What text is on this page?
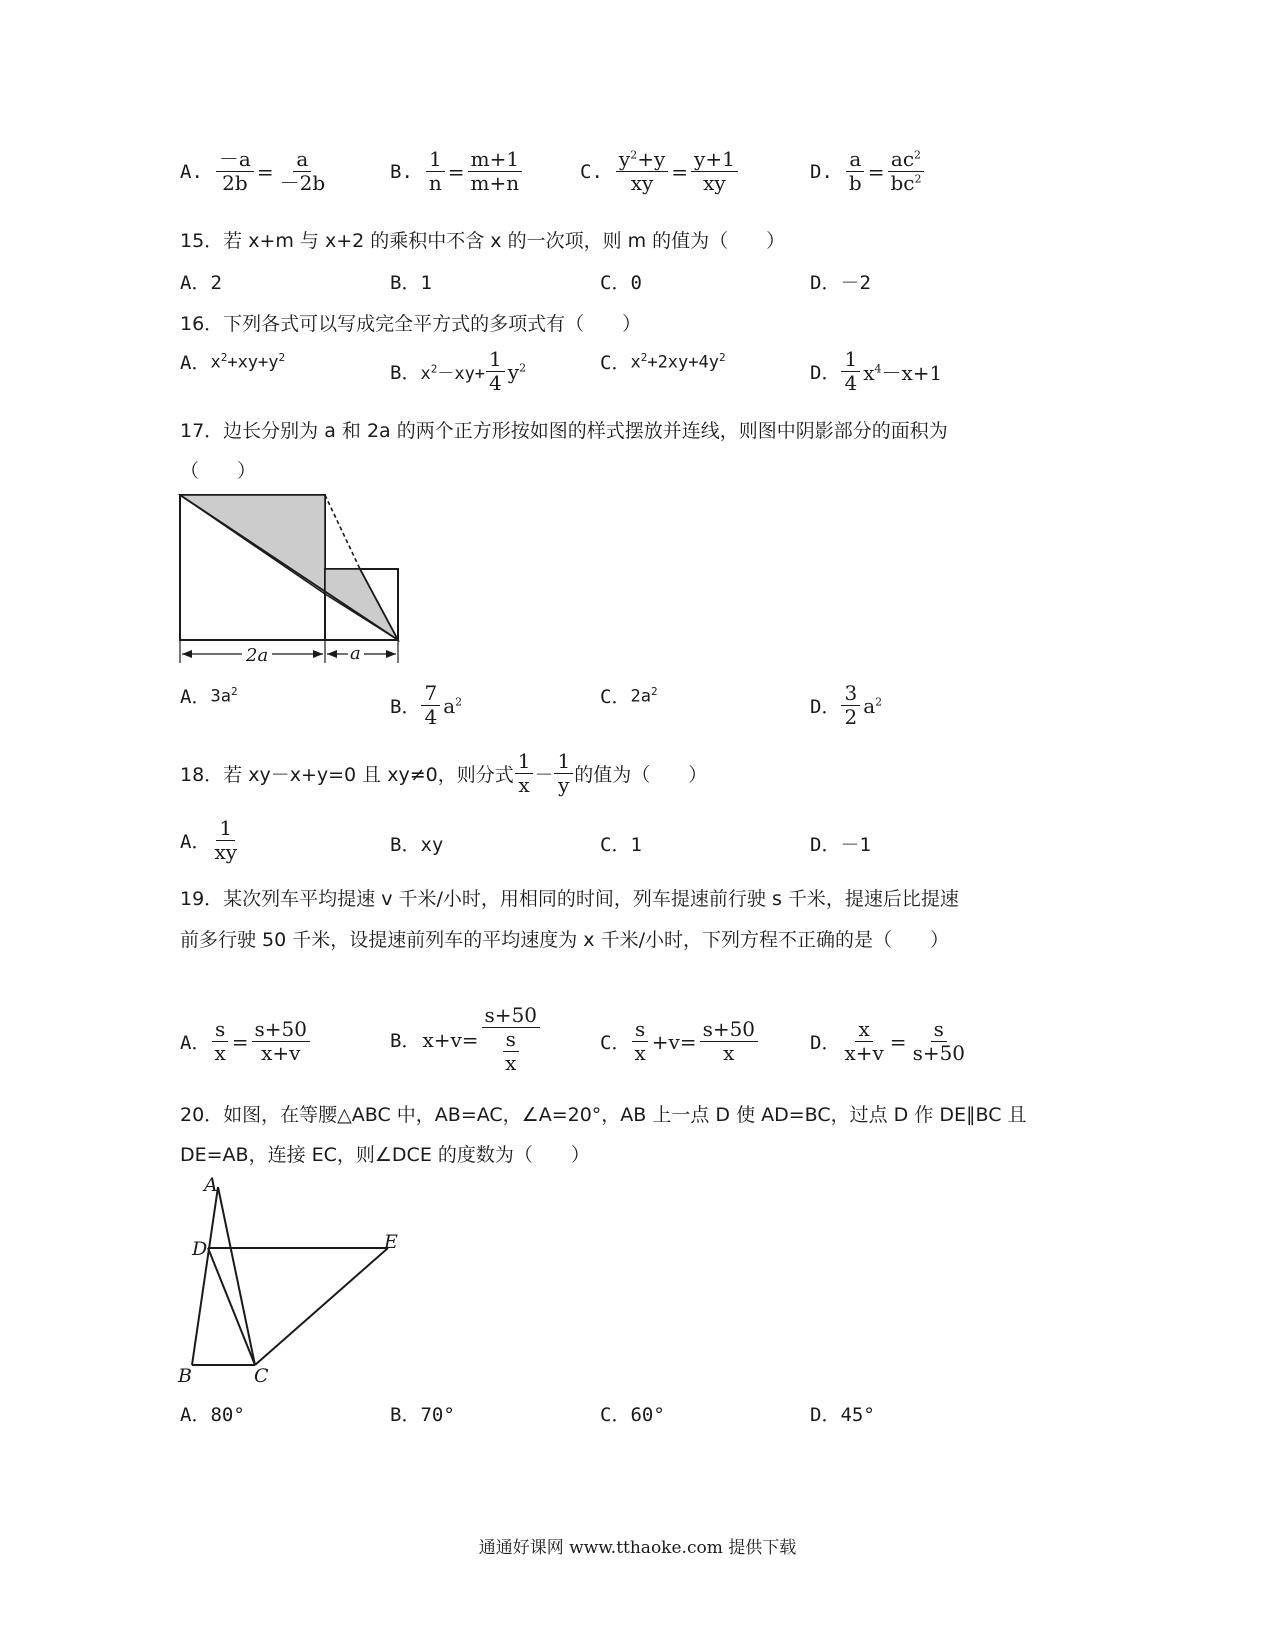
A. $\frac{-a}{2b} = \frac{a}{-2b}$	B. $\frac{1}{n} = \frac{m+1}{m+n}$	C. $\frac{y^2+y}{xy} = \frac{y+1}{xy}$	D. $\frac{a}{b} = \frac{ac^2}{bc^2}$
15．若 x+m 与 x+2 的乘积中不含 x 的一次项，则 m 的值为（　　）
A．2	B．1	C．0	D．－2
16．下列各式可以写成完全平方式的多项式有（　　）
A． $x^2+xy+y^2$
B． $x^2-xy+ \frac{1}{4} y^2$	C． $x^2+2xy+4y^2$
D． $\frac{1}{4} x^4-x+1$
17．边长分别为 a 和 2a 的两个正方形按如图的样式摆放并连线，则图中阴影部分的面积为
（　　）
2a	a
A． $3a^2$
B． $\frac{7}{4} a^2$	C． $2a^2$
D． $\frac{3}{2} a^2$
18．若 xy－x+y=0 且 xy≠0，则分式 $\frac{1}{x} - \frac{1}{y}$ 的值为（　　）
A． $\frac{1}{xy}$	B．xy	C．1	D．－1
19．某次列车平均提速 v 千米/小时，用相同的时间，列车提速前行驶 s 千米，提速后比提速
前多行驶 50 千米，设提速前列车的平均速度为 x 千米/小时，下列方程不正确的是（　　）
A． $\frac{s}{x} = \frac{s+50}{x+v}$	B． $x+v= \frac{s+50}{\frac{s}{x}}$	C． $\frac{s}{x} +v= \frac{s+50}{x}$	D． $\frac{x}{x+v} = \frac{s}{s+50}$
20．如图，在等腰△ABC 中，AB=AC，∠A=20°，AB 上一点 D 使 AD=BC，过点 D 作 DE∥BC 且
DE=AB，连接 EC，则∠DCE 的度数为（　　）
A
D	E
B	C
A．80°	B．70°	C．60°	D．45°
通通好课网 www.tthaoke.com 提供下载
